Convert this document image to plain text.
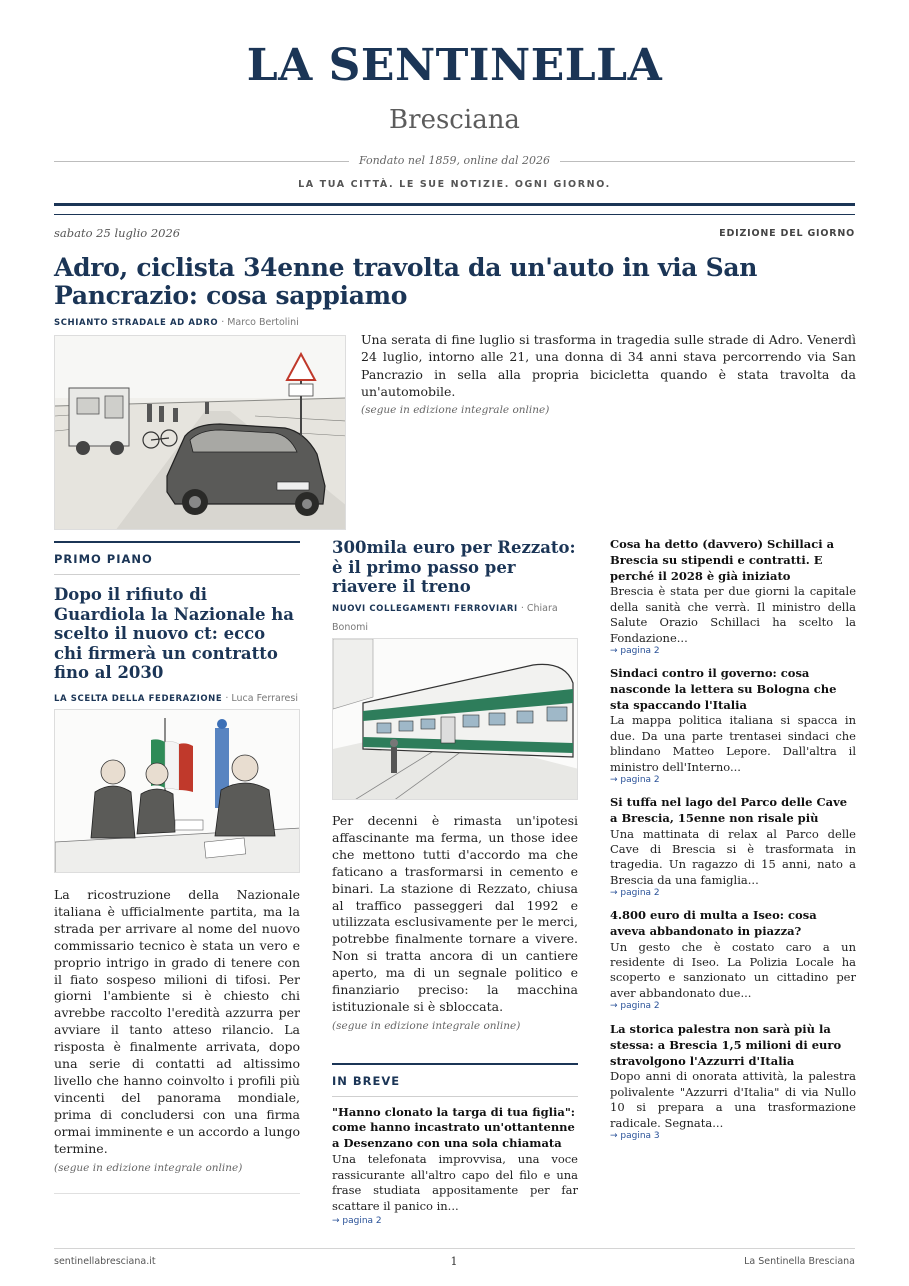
LA SENTINELLA
Bresciana
Fondato nel 1859, online dal 2026
LA TUA CITTÀ. LE SUE NOTIZIE. OGNI GIORNO.
sabato 25 luglio 2026	EDIZIONE DEL GIORNO
Adro, ciclista 34enne travolta da un'auto in via San Pancrazio: cosa sappiamo
SCHIANTO STRADALE AD ADRO · Marco Bertolini
Una serata di fine luglio si trasforma in tragedia sulle strade di Adro. Venerdì 24 luglio, intorno alle 21, una donna di 34 anni stava percorrendo via San Pancrazio in sella alla propria bicicletta quando è stata travolta da un'automobile.
(segue in edizione integrale online)
PRIMO PIANO
Dopo il rifiuto di Guardiola la Nazionale ha scelto il nuovo ct: ecco chi firmerà un contratto fino al 2030
LA SCELTA DELLA FEDERAZIONE · Luca Ferraresi
La ricostruzione della Nazionale italiana è ufficialmente partita, ma la strada per arrivare al nome del nuovo commissario tecnico è stata un vero e proprio intrigo in grado di tenere con il fiato sospeso milioni di tifosi. Per giorni l'ambiente si è chiesto chi avrebbe raccolto l'eredità azzurra per avviare il tanto atteso rilancio. La risposta è finalmente arrivata, dopo una serie di contatti ad altissimo livello che hanno coinvolto i profili più vincenti del panorama mondiale, prima di concludersi con una firma ormai imminente e un accordo a lungo termine.
(segue in edizione integrale online)
300mila euro per Rezzato: è il primo passo per riavere il treno
NUOVI COLLEGAMENTI FERROVIARI · Chiara Bonomi
Per decenni è rimasta un'ipotesi affascinante ma ferma, un those idee che mettono tutti d'accordo ma che faticano a trasformarsi in cemento e binari. La stazione di Rezzato, chiusa al traffico passeggeri dal 1992 e utilizzata esclusivamente per le merci, potrebbe finalmente tornare a vivere. Non si tratta ancora di un cantiere aperto, ma di un segnale politico e finanziario preciso: la macchina istituzionale si è sbloccata.
(segue in edizione integrale online)
IN BREVE
"Hanno clonato la targa di tua figlia": come hanno incastrato un'ottantenne a Desenzano con una sola chiamata
Una telefonata improvvisa, una voce rassicurante all'altro capo del filo e una frase studiata appositamente per far scattare il panico in...
→ pagina 2
Cosa ha detto (davvero) Schillaci a Brescia su stipendi e contratti. E perché il 2028 è già iniziato
Brescia è stata per due giorni la capitale della sanità che verrà. Il ministro della Salute Orazio Schillaci ha scelto la Fondazione...
→ pagina 2
Sindaci contro il governo: cosa nasconde la lettera su Bologna che sta spaccando l'Italia
La mappa politica italiana si spacca in due. Da una parte trentasei sindaci che blindano Matteo Lepore. Dall'altra il ministro dell'Interno...
→ pagina 2
Si tuffa nel lago del Parco delle Cave a Brescia, 15enne non risale più
Una mattinata di relax al Parco delle Cave di Brescia si è trasformata in tragedia. Un ragazzo di 15 anni, nato a Brescia da una famiglia...
→ pagina 2
4.800 euro di multa a Iseo: cosa aveva abbandonato in piazza?
Un gesto che è costato caro a un residente di Iseo. La Polizia Locale ha scoperto e sanzionato un cittadino per aver abbandonato due...
→ pagina 2
La storica palestra non sarà più la stessa: a Brescia 1,5 milioni di euro stravolgono l'Azzurri d'Italia
Dopo anni di onorata attività, la palestra polivalente "Azzurri d'Italia" di via Nullo 10 si prepara a una trasformazione radicale. Segnata...
→ pagina 3
sentinellabresciana.it	1	La Sentinella Bresciana
